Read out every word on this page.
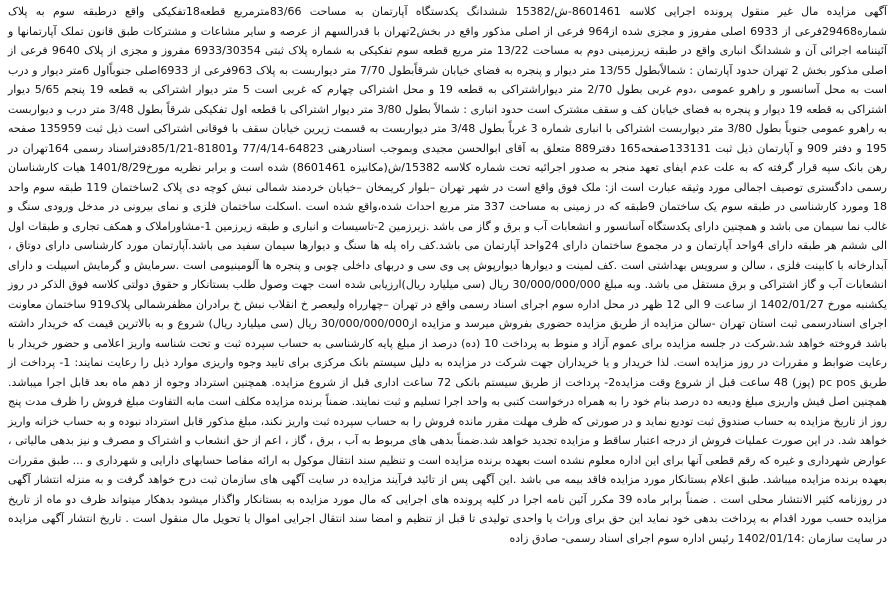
آگهی مزایده مال غیر منقول پرونده اجرایی کلاسه 8601461-ش/15382 ششدانگ یکدستگاه آپارتمان به مساحت 83/66مترمربع قطعه18تفکیکی واقع درطبقه سوم به پلاک شماره29468فرعی از 6933 اصلی مفروز و مجزی شده از964 فرعی از اصلی مذکور واقع در بخش2تهران با قدرالسهم از عرصه و سایر مشاعات و مشترکات طبق قانون تملک آپارتمانها و آئیننامه اجرائی آن و ششدانگ انباری واقع در طبقه زیرزمینی دوم به مساحت 13/22 متر مربع قطعه سوم تفکیکی به شماره پلاک ثبتی 6933/30354 مفروز و مجزی از پلاک 9640 فرعی از اصلی مذکور بخش 2 تهران حدود آپارتمان : شمالاًبطول 13/55 متر دیوار و پنجره به فضای خیابان شرقاًبطول 7/70 متر دیواربست به پلاک 963فرعی از 6933اصلی جنوباًاول 6متر دیوار و درب است به محل آسانسور و راهرو عمومی ،دوم غربی بطول 2/70 متر دیواراشتراکی به قطعه 19 و محل اشتراکی چهارم که غربی است 5 متر دیوار اشتراکی به قطعه 19 پنجم 5/65 دیوار اشتراکی به قطعه 19 دیوار و پنجره به فضای خیابان کف و سقف مشترک است حدود انباری : شمالاً بطول 3/80 متر دیوار اشتراکی با قطعه اول تفکیکی شرقاً بطول 3/48 متر درب و دیواربست به راهرو عمومی جنوباً بطول 3/80 متر دیواربست اشتراکی با انباری شماره 3 غرباً بطول 3/48 متر دیواربست به قسمت زیرین خیابان سقف با فوقانی اشتراکی است ذیل ثبت 135959 صفحه 195 و دفتر 909 و آپارتمان ذیل ثبت 133131صفحه165 دفتر889 متعلق به آقای ابوالحسن مجیدی وبموجب اسنادرهنی 64823-77/4/14 و81801-85/1/21دفتراسناد رسمی 164تهران در رهن بانک سپه قرار گرفته که به علت عدم ایفای تعهد منجر به صدور اجرائیه تحت شماره کلاسه 15382/ش(مکانیزه 8601461) شده است و برابر نظریه مورخ1401/8/29 هیات کارشناسان رسمی دادگستری توصیف اجمالی مورد وثیقه عبارت است از: ملک فوق واقع است در شهر تهران –بلوار کریمخان –خیابان خردمند شمالی نبش کوچه دی پلاک 2ساختمان 119 طبقه سوم واحد 18 ومورد کارشناسی در طبقه سوم یک ساختمان 9طبقه که در زمینی به مساحت 337 متر مربع احداث شده،واقع شده است .اسکلت ساختمان فلزی و نمای بیرونی در مدخل ورودی سنگ و غالب نما سیمان می باشد و همچنین دارای یکدستگاه آسانسور و انشعابات آب و برق و گاز می باشد .زیرزمین 2-تاسیسات و انباری و طبقه زیرزمین 1-مشاوراملاک و همکف تجاری و طبقات اول الی ششم هر طبقه دارای 4واحد آپارتمان و در مجموع ساختمان دارای 24واحد آپارتمان می باشد.کف راه پله ها سنگ و دیوارها سیمان سفید می باشد.آپارتمان مورد کارشناسی دارای دوتاق ، آبدارخانه با کابینت فلزی ، سالن و سرویس بهداشتی است .کف لمینت و دیوارها دیوارپوش پی وی سی و دربهای داخلی چوبی و پنجره ها آلومینیومی است .سرمایش و گرمایش اسپیلت و دارای انشعابات آب و گاز اشتراکی و برق مستقل می باشد. وبه مبلغ 30/000/000/000 ریال (سی میلیارد ریال)ارزیابی شده است جهت وصول طلب بستانکار و حقوق دولتی کلاسه فوق الذکر در روز یکشنبه مورخ 1402/01/27 از ساعت 9 الی 12 ظهر در محل اداره سوم اجرای اسناد رسمی واقع در تهران –چهارراه ولیعصر خ انقلاب نبش خ برادران مظفرشمالی پلاک919 ساختمان معاونت اجرای اسنادرسمی ثبت استان تهران -سالن مزایده از طریق مزایده حضوری بفروش میرسد و مزایده از30/000/000/000 ریال (سی میلیارد ریال) شروع و به بالاترین قیمت که خریدار داشته باشد فروخته خواهد شد.شرکت در جلسه مزایده برای عموم آزاد و منوط به پرداخت 10 (ده) درصد از مبلغ پایه کارشناسی به حساب سپرده ثبت و تحت شناسه واریز اعلامی و حضور خریدار با رعایت ضوابط و مقررات در روز مزایده است. لذا خریدار و یا خریداران جهت شرکت در مزایده به دلیل سیستم بانک مرکزی برای تایید وجوه واریزی موارد ذیل را رعایت نمایند: 1- پرداخت از طریق pc pos (پوز) 48 ساعت قبل از شروع وقت مزایده2- پرداخت از طریق سیستم بانکی 72 ساعت اداری قبل از شروع مزایده. همچنین استرداد وجوه از دهم ماه بعد قابل اجرا میباشد. همچنین اصل فیش واریزی مبلغ ودیعه ده درصد بنام خود را به همراه درخواست کتبی به واحد اجرا تسلیم و ثبت نمایند. ضمناً برنده مزایده مکلف است مابه التفاوت مبلغ فروش را ظرف مدت پنج روز از تاریخ مزایده به حساب صندوق ثبت تودیع نماید و در صورتی که ظرف مهلت مقرر مانده فروش را به حساب سپرده ثبت واریز نکند، مبلغ مذکور قابل استرداد نبوده و به حساب خزانه واریز خواهد شد. در این صورت عملیات فروش از درجه اعتبار ساقط و مزایده تجدید خواهد شد.ضمناً بدهی های مربوط به آب ، برق ، گاز ، اعم از حق انشعاب و اشتراک و مصرف و نیز بدهی مالیاتی ، عوارض شهرداری و غیره که رقم قطعی آنها برای این اداره معلوم نشده است بعهده برنده مزایده است و تنظیم سند انتقال موکول به ارائه مفاصا حسابهای دارایی و شهرداری و ... طبق مقررات بعهده برنده مزایده میباشد. طبق اعلام بستانکار مورد مزایده فاقد بیمه می باشد .این آگهی پس از تائید فرآیند مزایده در سایت آگهی های سازمان ثبت درج خواهد گرفت و به منزله انتشار آگهی در روزنامه کثیر الانتشار محلی است . ضمناً برابر ماده 39 مکرر آئین نامه اجرا در کلیه پرونده های اجرایی که مال مورد مزایده به بستانکار واگذار میشود بدهکار میتواند ظرف دو ماه از تاریخ مزایده حسب مورد اقدام به پرداخت بدهی خود نماید این حق برای وراث یا واحدی تولیدی تا قبل از تنظیم و امضا سند انتقال اجرایی اموال یا تحویل مال منقول است . تاریخ انتشار آگهی مزایده در سایت سازمان :1402/01/14 رئیس اداره سوم اجرای اسناد رسمی- صادق زاده
